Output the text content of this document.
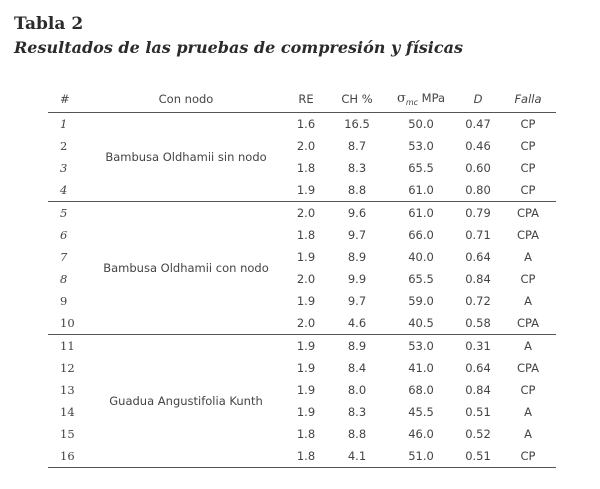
Tabla 2
Resultados de las pruebas de compresión y físicas
#	Con nodo	RE	CH %	$\sigma_{mc}$ MPa	D	Falla
1	Bambusa Oldhamii sin nodo	1.6	16.5	50.0	0.47	CP
2		2.0	8.7	53.0	0.46	CP
3		1.8	8.3	65.5	0.60	CP
4		1.9	8.8	61.0	0.80	CP
5	Bambusa Oldhamii con nodo	2.0	9.6	61.0	0.79	CPA
6		1.8	9.7	66.0	0.71	CPA
7		1.9	8.9	40.0	0.64	A
8		2.0	9.9	65.5	0.84	CP
9		1.9	9.7	59.0	0.72	A
10		2.0	4.6	40.5	0.58	CPA
11	Guadua Angustifolia Kunth	1.9	8.9	53.0	0.31	A
12		1.9	8.4	41.0	0.64	CPA
13		1.9	8.0	68.0	0.84	CP
14		1.9	8.3	45.5	0.51	A
15		1.8	8.8	46.0	0.52	A
16		1.8	4.1	51.0	0.51	CP
